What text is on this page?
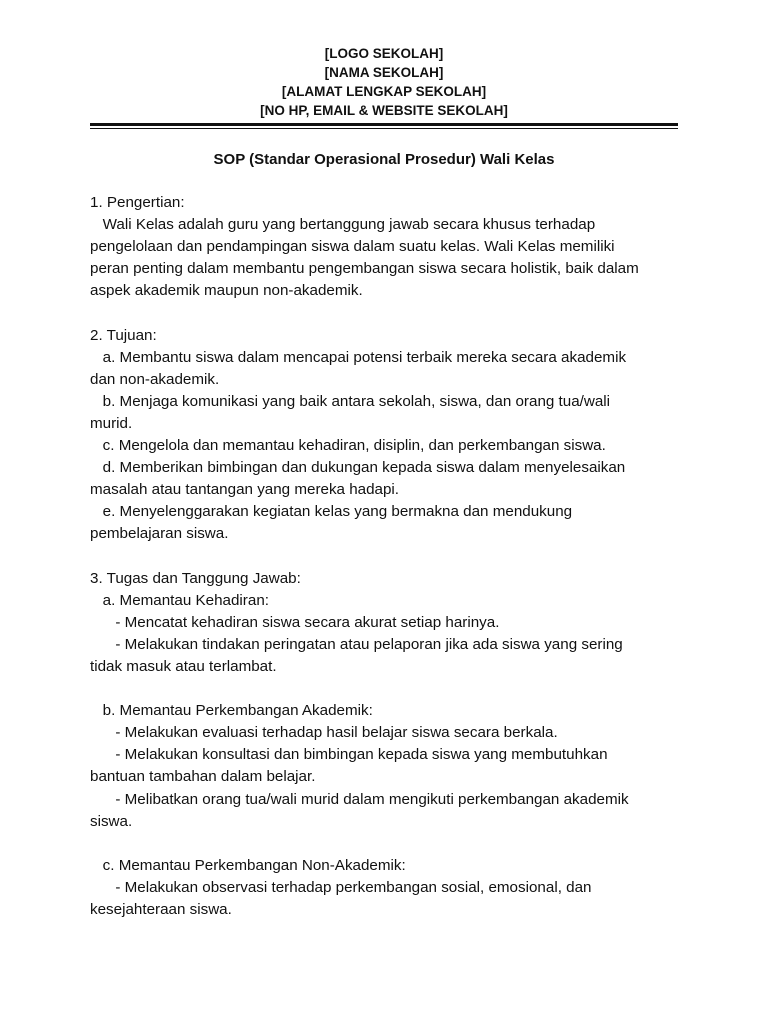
[LOGO SEKOLAH]
[NAMA SEKOLAH]
[ALAMAT LENGKAP SEKOLAH]
[NO HP, EMAIL & WEBSITE SEKOLAH]
SOP (Standar Operasional Prosedur) Wali Kelas
1. Pengertian:
Wali Kelas adalah guru yang bertanggung jawab secara khusus terhadap
pengelolaan dan pendampingan siswa dalam suatu kelas. Wali Kelas memiliki
peran penting dalam membantu pengembangan siswa secara holistik, baik dalam
aspek akademik maupun non-akademik.
2. Tujuan:
a. Membantu siswa dalam mencapai potensi terbaik mereka secara akademik
dan non-akademik.
b. Menjaga komunikasi yang baik antara sekolah, siswa, dan orang tua/wali
murid.
c. Mengelola dan memantau kehadiran, disiplin, dan perkembangan siswa.
d. Memberikan bimbingan dan dukungan kepada siswa dalam menyelesaikan
masalah atau tantangan yang mereka hadapi.
e. Menyelenggarakan kegiatan kelas yang bermakna dan mendukung
pembelajaran siswa.
3. Tugas dan Tanggung Jawab:
a. Memantau Kehadiran:
- Mencatat kehadiran siswa secara akurat setiap harinya.
- Melakukan tindakan peringatan atau pelaporan jika ada siswa yang sering
tidak masuk atau terlambat.
b. Memantau Perkembangan Akademik:
- Melakukan evaluasi terhadap hasil belajar siswa secara berkala.
- Melakukan konsultasi dan bimbingan kepada siswa yang membutuhkan
bantuan tambahan dalam belajar.
- Melibatkan orang tua/wali murid dalam mengikuti perkembangan akademik
siswa.
c. Memantau Perkembangan Non-Akademik:
- Melakukan observasi terhadap perkembangan sosial, emosional, dan
kesejahteraan siswa.
